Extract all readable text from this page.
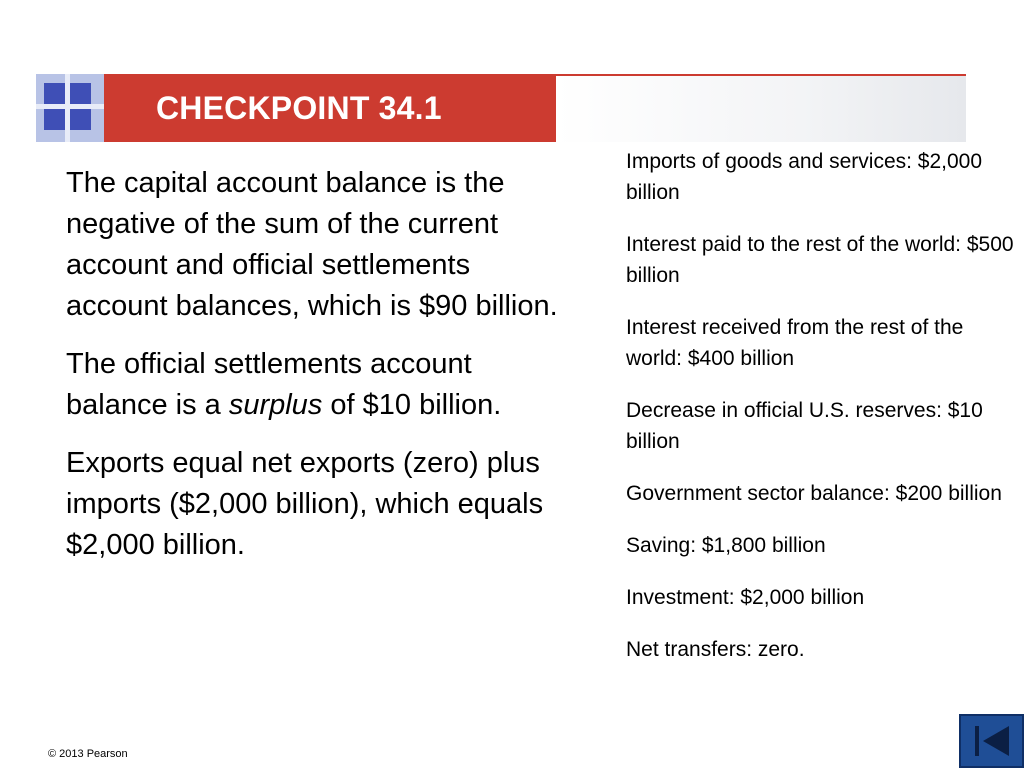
CHECKPOINT 34.1

The capital account balance is the negative of the sum of the current account and official settlements account balances, which is $90 billion.

The official settlements account balance is a surplus of $10 billion.

Exports equal net exports (zero) plus imports ($2,000 billion), which equals $2,000 billion.

Imports of goods and services: $2,000 billion

Interest paid to the rest of the world: $500 billion

Interest received from the rest of the world: $400 billion

Decrease in official U.S. reserves: $10 billion

Government sector balance: $200 billion

Saving: $1,800 billion

Investment: $2,000 billion

Net transfers: zero.

© 2013 Pearson
